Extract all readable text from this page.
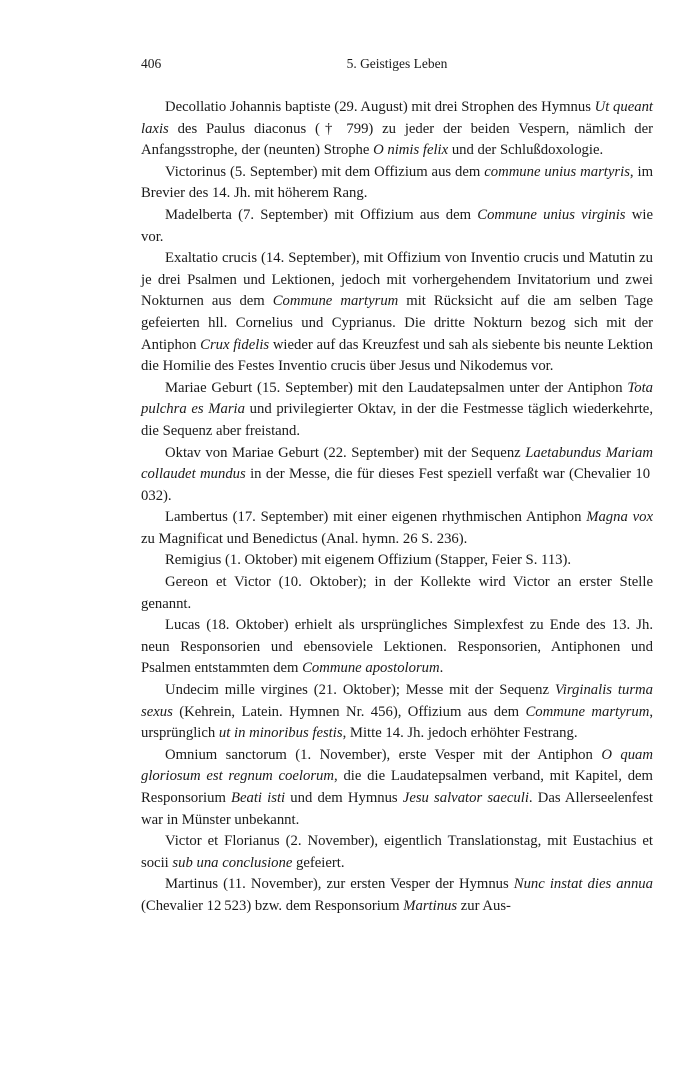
406	5. Geistiges Leben

Decollatio Johannis baptiste (29. August) mit drei Strophen des Hymnus Ut queant laxis des Paulus diaconus († 799) zu jeder der beiden Vespern, nämlich der Anfangsstrophe, der (neunten) Strophe O nimis felix und der Schlußdoxologie.

Victorinus (5. September) mit dem Offizium aus dem commune unius martyris, im Brevier des 14. Jh. mit höherem Rang.

Madelberta (7. September) mit Offizium aus dem Commune unius virginis wie vor.

Exaltatio crucis (14. September), mit Offizium von Inventio crucis und Matutin zu je drei Psalmen und Lektionen, jedoch mit vorhergehendem Invitatorium und zwei Nokturnen aus dem Commune martyrum mit Rücksicht auf die am selben Tage gefeierten hll. Cornelius und Cyprianus. Die dritte Nokturn bezog sich mit der Antiphon Crux fidelis wieder auf das Kreuzfest und sah als siebente bis neunte Lektion die Homilie des Festes Inventio crucis über Jesus und Nikodemus vor.

Mariae Geburt (15. September) mit den Laudatepsalmen unter der Antiphon Tota pulchra es Maria und privilegierter Oktav, in der die Festmesse täglich wiederkehrte, die Sequenz aber freistand.

Oktav von Mariae Geburt (22. September) mit der Sequenz Laetabundus Mariam collaudet mundus in der Messe, die für dieses Fest speziell verfaßt war (Chevalier 10 032).

Lambertus (17. September) mit einer eigenen rhythmischen Antiphon Magna vox zu Magnificat und Benedictus (Anal. hymn. 26 S. 236).

Remigius (1. Oktober) mit eigenem Offizium (Stapper, Feier S. 113).

Gereon et Victor (10. Oktober); in der Kollekte wird Victor an erster Stelle genannt.

Lucas (18. Oktober) erhielt als ursprüngliches Simplexfest zu Ende des 13. Jh. neun Responsorien und ebensoviele Lektionen. Responsorien, Antiphonen und Psalmen entstammten dem Commune apostolorum.

Undecim mille virgines (21. Oktober); Messe mit der Sequenz Virginalis turma sexus (Kehrein, Latein. Hymnen Nr. 456), Offizium aus dem Commune martyrum, ursprünglich ut in minoribus festis, Mitte 14. Jh. jedoch erhöhter Festrang.

Omnium sanctorum (1. November), erste Vesper mit der Antiphon O quam gloriosum est regnum coelorum, die die Laudatepsalmen verband, mit Kapitel, dem Responsorium Beati isti und dem Hymnus Jesu salvator saeculi. Das Allerseelenfest war in Münster unbekannt.

Victor et Florianus (2. November), eigentlich Translationstag, mit Eustachius et socii sub una conclusione gefeiert.

Martinus (11. November), zur ersten Vesper der Hymnus Nunc instat dies annua (Chevalier 12 523) bzw. dem Responsorium Martinus zur Aus-
